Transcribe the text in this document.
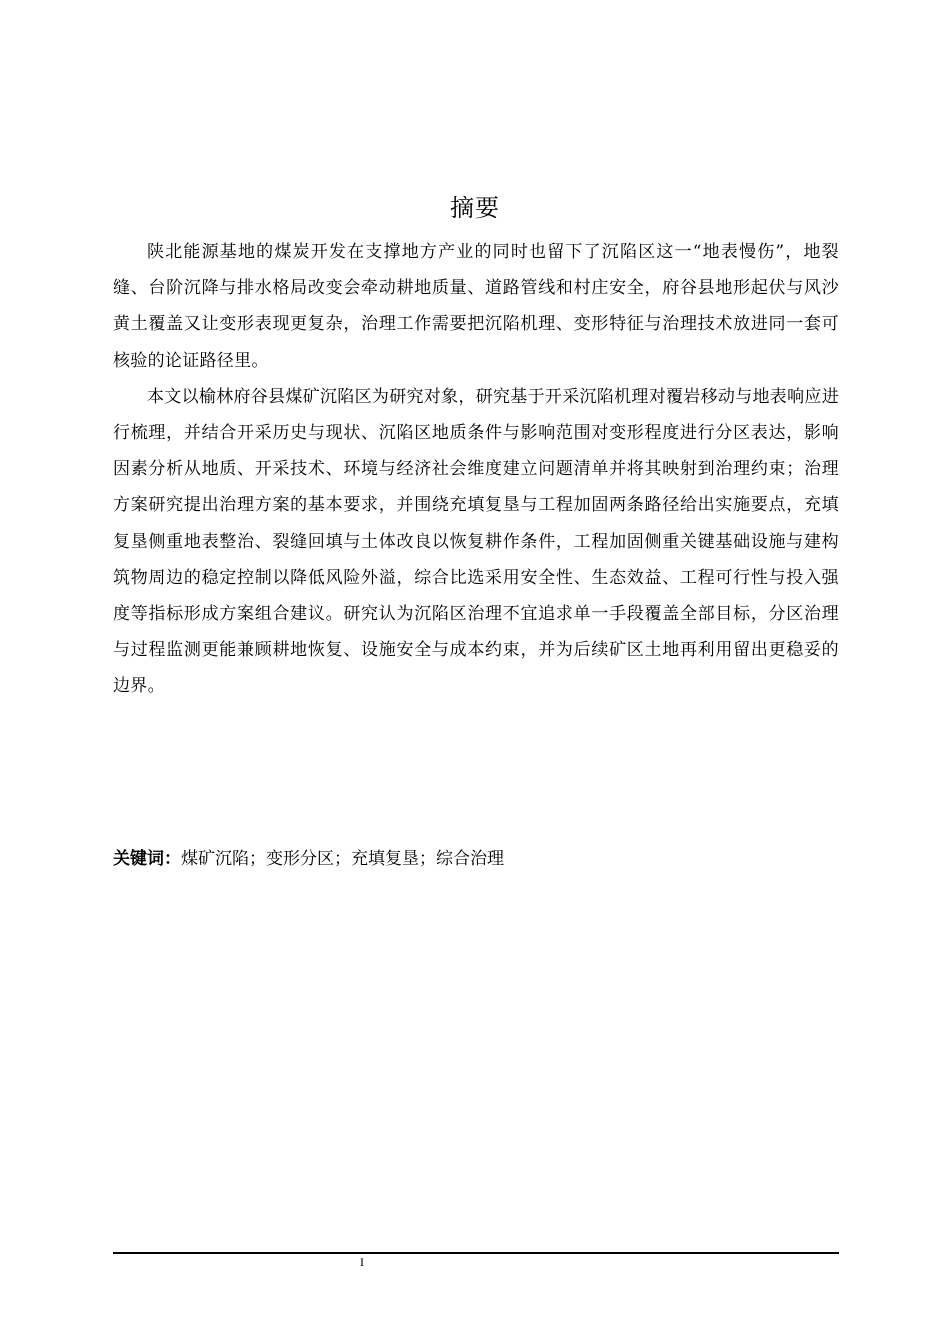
摘要

陕北能源基地的煤炭开发在支撑地方产业的同时也留下了沉陷区这一“地表慢伤”，地裂缝、台阶沉降与排水格局改变会牵动耕地质量、道路管线和村庄安全，府谷县地形起伏与风沙黄土覆盖又让变形表现更复杂，治理工作需要把沉陷机理、变形特征与治理技术放进同一套可核验的论证路径里。

本文以榆林府谷县煤矿沉陷区为研究对象，研究基于开采沉陷机理对覆岩移动与地表响应进行梳理，并结合开采历史与现状、沉陷区地质条件与影响范围对变形程度进行分区表达，影响因素分析从地质、开采技术、环境与经济社会维度建立问题清单并将其映射到治理约束；治理方案研究提出治理方案的基本要求，并围绕充填复垦与工程加固两条路径给出实施要点，充填复垦侧重地表整治、裂缝回填与土体改良以恢复耕作条件，工程加固侧重关键基础设施与建构筑物周边的稳定控制以降低风险外溢，综合比选采用安全性、生态效益、工程可行性与投入强度等指标形成方案组合建议。研究认为沉陷区治理不宜追求单一手段覆盖全部目标，分区治理与过程监测更能兼顾耕地恢复、设施安全与成本约束，并为后续矿区土地再利用留出更稳妥的边界。

关键词：煤矿沉陷；变形分区；充填复垦；综合治理
I
